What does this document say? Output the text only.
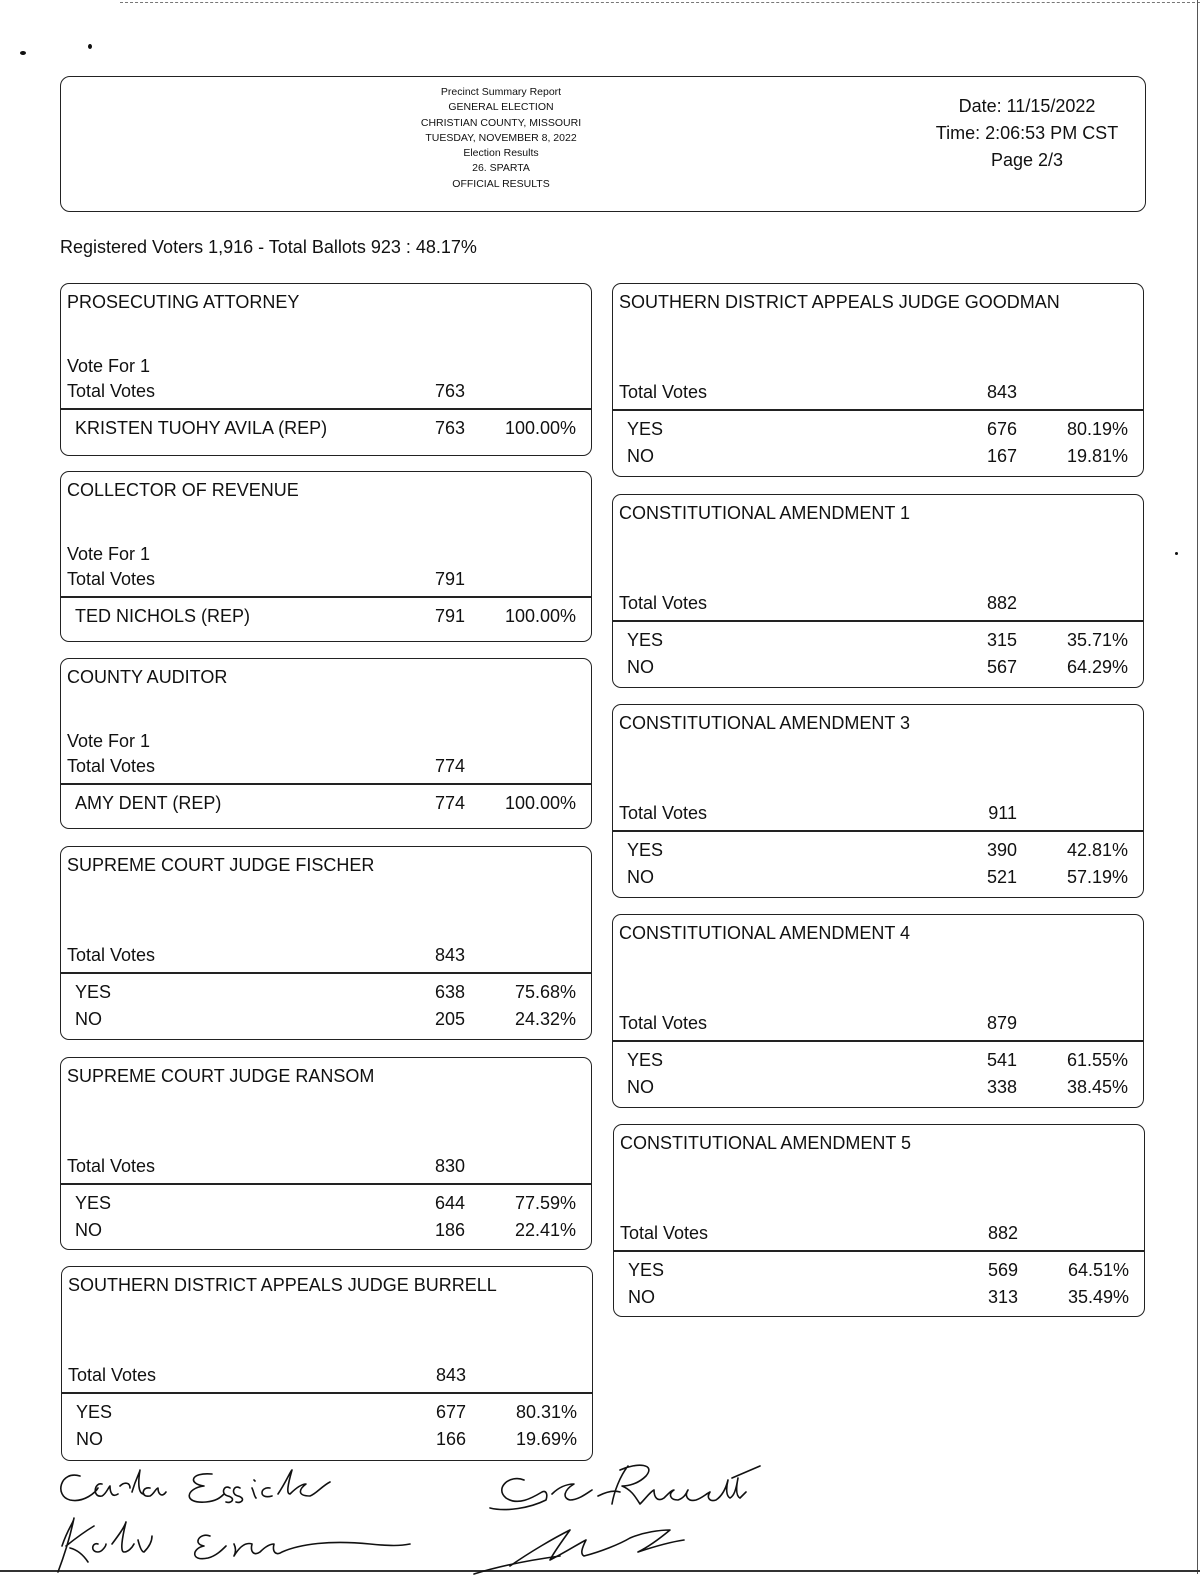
Precinct Summary Report
GENERAL ELECTION
CHRISTIAN COUNTY, MISSOURI
TUESDAY, NOVEMBER 8, 2022
Election Results
26. SPARTA
OFFICIAL RESULTS
Date: 11/15/2022
Time: 2:06:53 PM CST
Page 2/3
Registered Voters 1,916 - Total Ballots 923 : 48.17%
PROSECUTING ATTORNEY
Vote For 1
Total Votes	763
KRISTEN TUOHY AVILA (REP)	763	100.00%
COLLECTOR OF REVENUE
Vote For 1
Total Votes	791
TED NICHOLS (REP)	791	100.00%
COUNTY AUDITOR
Vote For 1
Total Votes	774
AMY DENT (REP)	774	100.00%
SUPREME COURT JUDGE FISCHER
Total Votes	843
YES	638	75.68%
NO	205	24.32%
SUPREME COURT JUDGE RANSOM
Total Votes	830
YES	644	77.59%
NO	186	22.41%
SOUTHERN DISTRICT APPEALS JUDGE BURRELL
Total Votes	843
YES	677	80.31%
NO	166	19.69%
SOUTHERN DISTRICT APPEALS JUDGE GOODMAN
Total Votes	843
YES	676	80.19%
NO	167	19.81%
CONSTITUTIONAL AMENDMENT 1
Total Votes	882
YES	315	35.71%
NO	567	64.29%
CONSTITUTIONAL AMENDMENT 3
Total Votes	911
YES	390	42.81%
NO	521	57.19%
CONSTITUTIONAL AMENDMENT 4
Total Votes	879
YES	541	61.55%
NO	338	38.45%
CONSTITUTIONAL AMENDMENT 5
Total Votes	882
YES	569	64.51%
NO	313	35.49%
